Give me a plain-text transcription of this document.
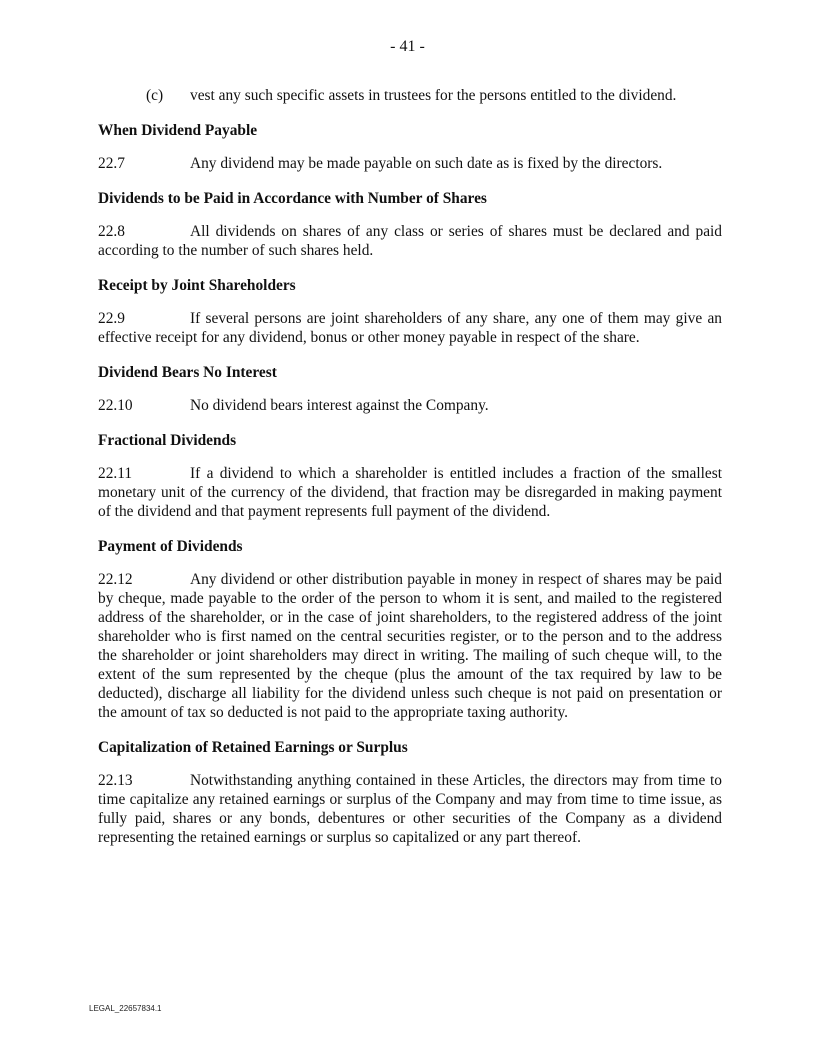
- 41 -
(c)	vest any such specific assets in trustees for the persons entitled to the dividend.
When Dividend Payable
22.7	Any dividend may be made payable on such date as is fixed by the directors.
Dividends to be Paid in Accordance with Number of Shares
22.8	All dividends on shares of any class or series of shares must be declared and paid according to the number of such shares held.
Receipt by Joint Shareholders
22.9	If several persons are joint shareholders of any share, any one of them may give an effective receipt for any dividend, bonus or other money payable in respect of the share.
Dividend Bears No Interest
22.10	No dividend bears interest against the Company.
Fractional Dividends
22.11	If a dividend to which a shareholder is entitled includes a fraction of the smallest monetary unit of the currency of the dividend, that fraction may be disregarded in making payment of the dividend and that payment represents full payment of the dividend.
Payment of Dividends
22.12	Any dividend or other distribution payable in money in respect of shares may be paid by cheque, made payable to the order of the person to whom it is sent, and mailed to the registered address of the shareholder, or in the case of joint shareholders, to the registered address of the joint shareholder who is first named on the central securities register, or to the person and to the address the shareholder or joint shareholders may direct in writing. The mailing of such cheque will, to the extent of the sum represented by the cheque (plus the amount of the tax required by law to be deducted), discharge all liability for the dividend unless such cheque is not paid on presentation or the amount of tax so deducted is not paid to the appropriate taxing authority.
Capitalization of Retained Earnings or Surplus
22.13	Notwithstanding anything contained in these Articles, the directors may from time to time capitalize any retained earnings or surplus of the Company and may from time to time issue, as fully paid, shares or any bonds, debentures or other securities of the Company as a dividend representing the retained earnings or surplus so capitalized or any part thereof.
LEGAL_22657834.1
